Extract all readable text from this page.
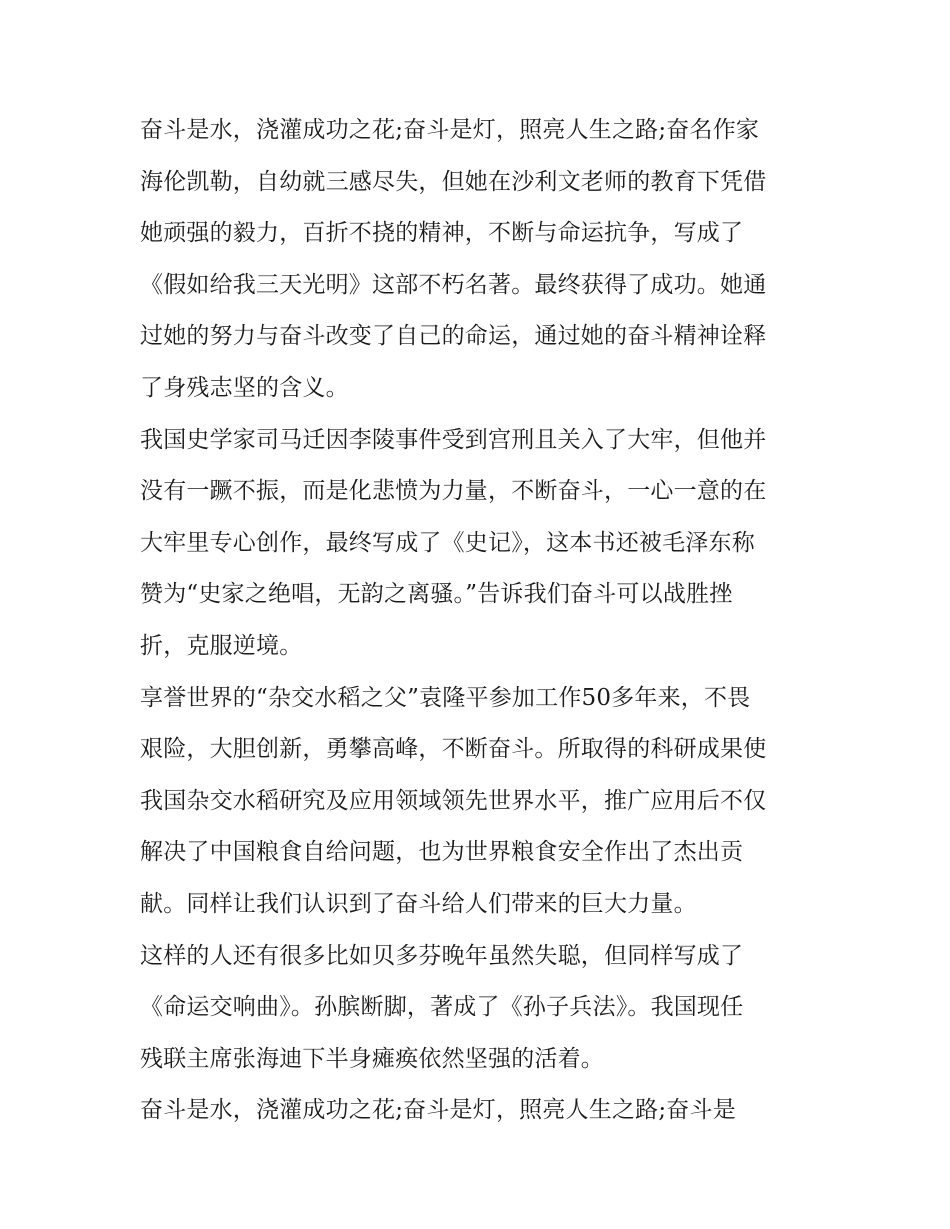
奋斗是水，浇灌成功之花;奋斗是灯，照亮人生之路;奋名作家
海伦凯勒，自幼就三感尽失，但她在沙利文老师的教育下凭借
她顽强的毅力，百折不挠的精神，不断与命运抗争，写成了
《假如给我三天光明》这部不朽名著。最终获得了成功。她通
过她的努力与奋斗改变了自己的命运，通过她的奋斗精神诠释
了身残志坚的含义。
我国史学家司马迁因李陵事件受到宫刑且关入了大牢，但他并
没有一蹶不振，而是化悲愤为力量，不断奋斗，一心一意的在
大牢里专心创作，最终写成了《史记》，这本书还被毛泽东称
赞为“史家之绝唱，无韵之离骚。”告诉我们奋斗可以战胜挫
折，克服逆境。
享誉世界的“杂交水稻之父”袁隆平参加工作50多年来，不畏
艰险，大胆创新，勇攀高峰，不断奋斗。所取得的科研成果使
我国杂交水稻研究及应用领域领先世界水平，推广应用后不仅
解决了中国粮食自给问题，也为世界粮食安全作出了杰出贡
献。同样让我们认识到了奋斗给人们带来的巨大力量。
这样的人还有很多比如贝多芬晚年虽然失聪，但同样写成了
《命运交响曲》。孙膑断脚，著成了《孙子兵法》。我国现任
残联主席张海迪下半身瘫痪依然坚强的活着。
奋斗是水，浇灌成功之花;奋斗是灯，照亮人生之路;奋斗是
